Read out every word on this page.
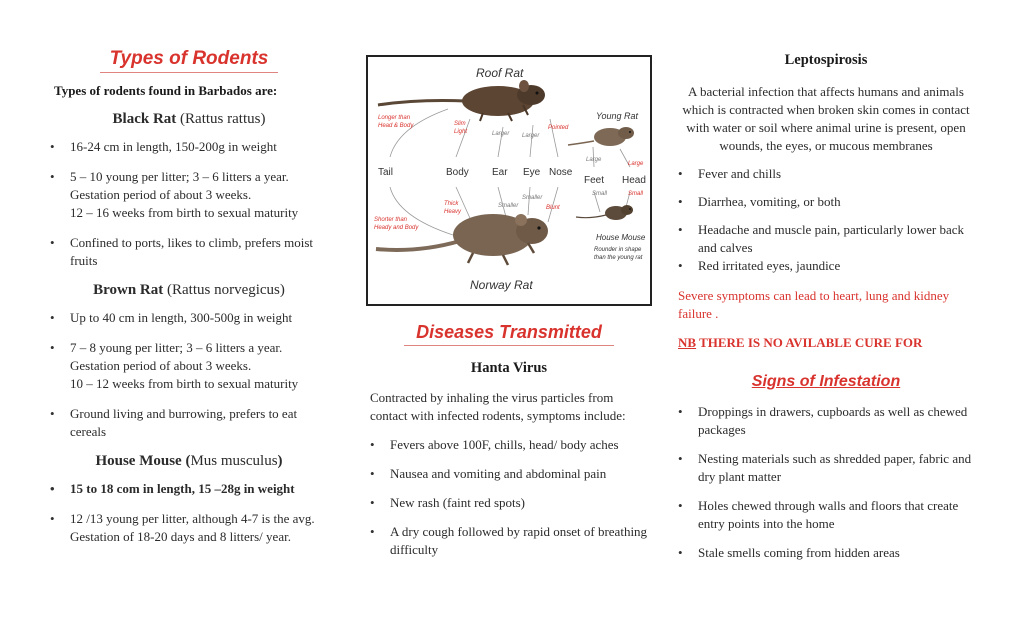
Types of Rodents
Types of rodents found in Barbados are:
Black Rat (Rattus rattus)
• 16-24 cm in length, 150-200g in weight
• 5 – 10 young per litter; 3 – 6 litters a year. Gestation period of about 3 weeks.
12 – 16 weeks from birth to sexual maturity
• Confined to ports, likes to climb, prefers moist fruits
Brown Rat (Rattus norvegicus)
• Up to 40 cm in length, 300-500g in weight
• 7 – 8 young per litter; 3 – 6 litters a year. Gestation period of about 3 weeks.
10 – 12 weeks from birth to sexual maturity
• Ground living and burrowing, prefers to eat cereals
House Mouse (Mus musculus)
• 15 to 18 com in length, 15 –28g in weight
• 12 /13 young per litter, although 4-7 is the avg. Gestation of 18-20 days and 8 litters/ year.
Roof Rat
Norway Rat
Young Rat
House Mouse
Rounder in shape
than the young rat
Tail	Body Ear Eye Nose
Feet Head
Longer than
Head & Body	Slim
Light
Pointed
Larger Larger
Shorter than
Heady and Body
Thick
Heavy
Blunt
Smaller
Smaller
Large
Small
Large
Small
Diseases Transmitted
Hanta Virus

Contracted by inhaling the virus particles from contact with infected rodents, symptoms include:

• Fevers above 100F, chills, head/ body aches
• Nausea and vomiting and abdominal pain
• New rash (faint red spots)
• A dry cough followed by rapid onset of breathing difficulty
Leptospirosis

A bacterial infection that affects humans and animals which is contracted when broken skin comes in contact with water or soil where animal urine is present, open wounds, the eyes, or mucous membranes

• Fever and chills
• Diarrhea, vomiting, or both
• Headache and muscle pain, particularly lower back and calves
• Red irritated eyes, jaundice

Severe symptoms can lead to heart, lung and kidney failure .

NB THERE IS NO AVILABLE CURE FOR

Signs of Infestation
• Droppings in drawers, cupboards as well as chewed packages
• Nesting materials such as shredded paper, fabric and dry plant matter
• Holes chewed through walls and floors that create entry points into the home
• Stale smells coming from hidden areas
